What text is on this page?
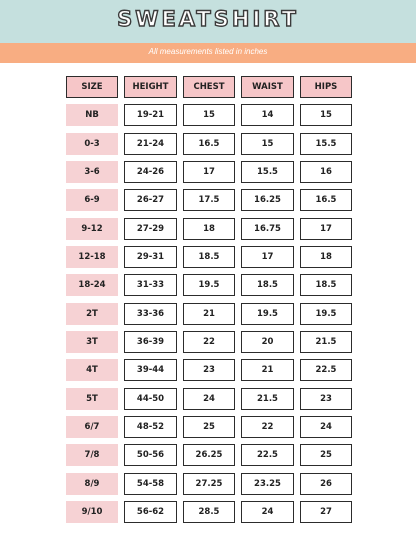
SWEATSHIRT
All measurements listed in inches
SIZE	HEIGHT	CHEST	WAIST	HIPS
NB	19-21	15	14	15
0-3	21-24	16.5	15	15.5
3-6	24-26	17	15.5	16
6-9	26-27	17.5	16.25	16.5
9-12	27-29	18	16.75	17
12-18	29-31	18.5	17	18
18-24	31-33	19.5	18.5	18.5
2T	33-36	21	19.5	19.5
3T	36-39	22	20	21.5
4T	39-44	23	21	22.5
5T	44-50	24	21.5	23
6/7	48-52	25	22	24
7/8	50-56	26.25	22.5	25
8/9	54-58	27.25	23.25	26
9/10	56-62	28.5	24	27
